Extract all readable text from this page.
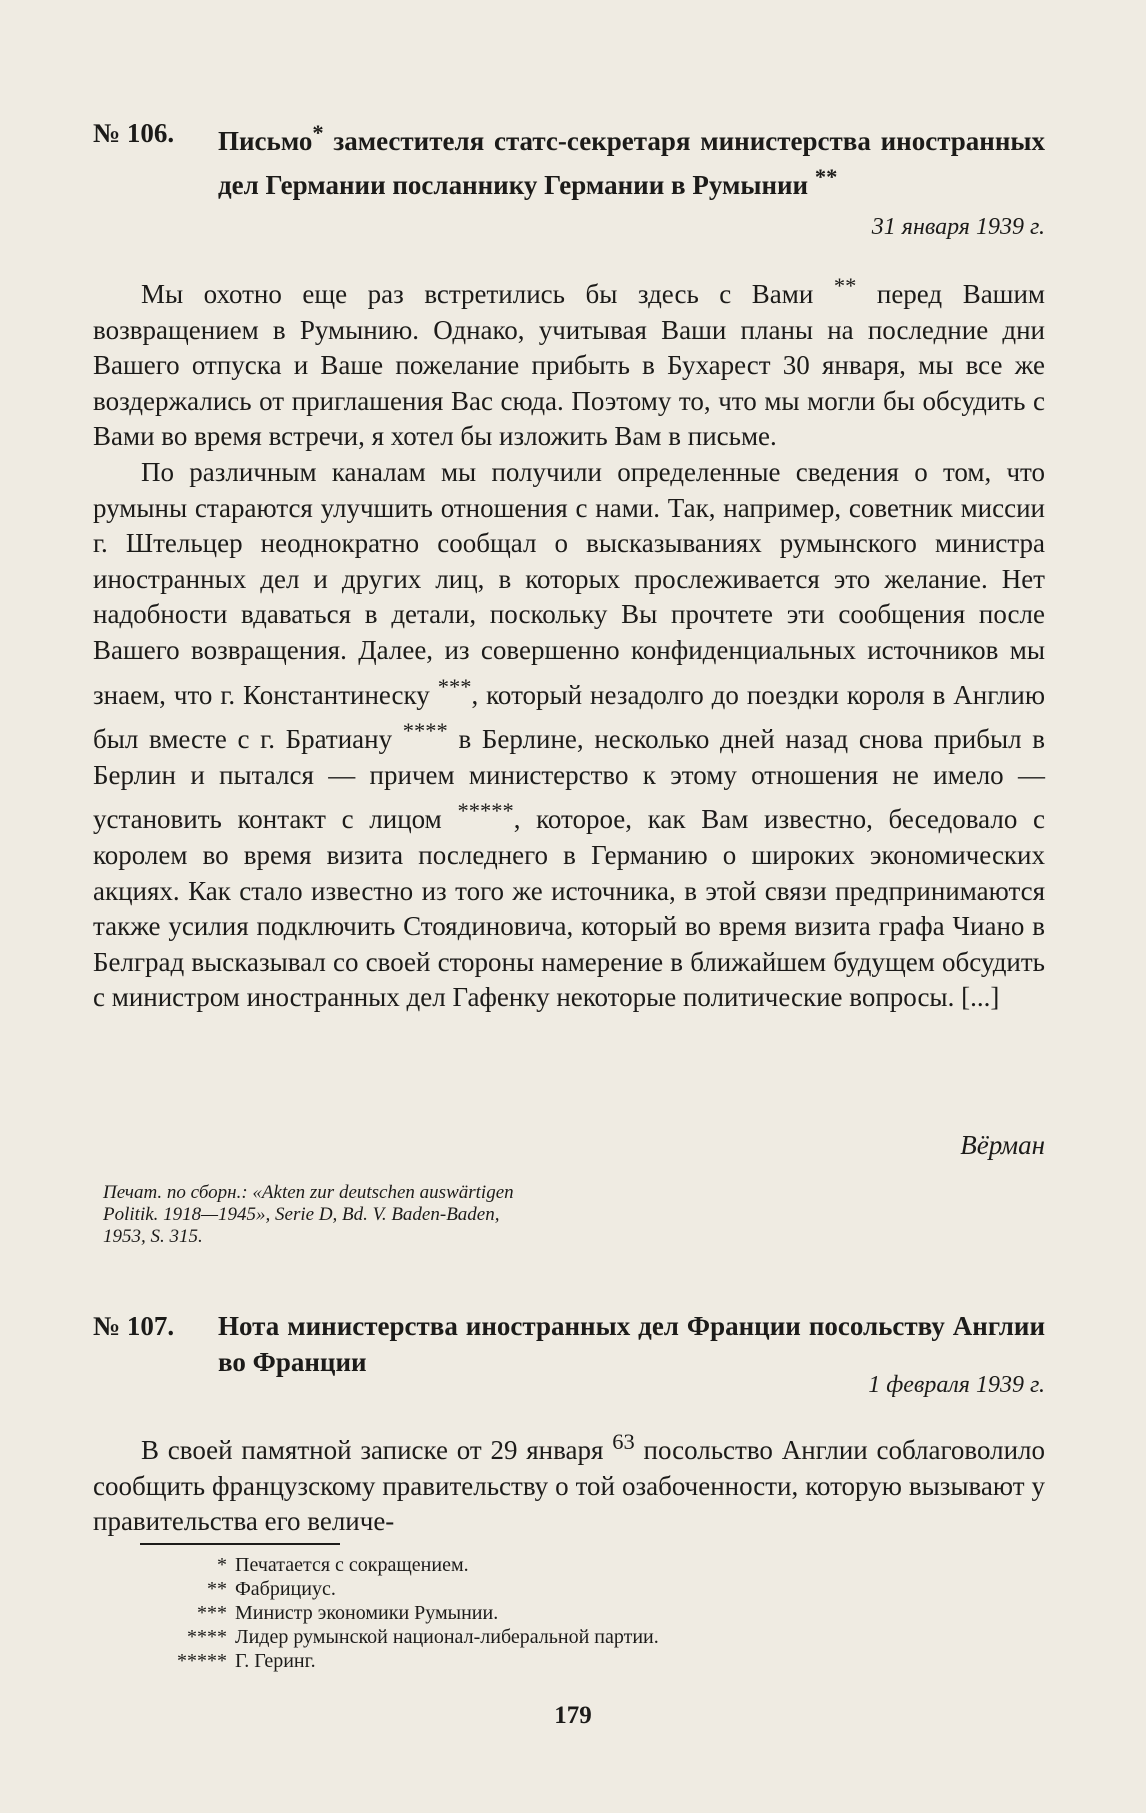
№ 106. Письмо* заместителя статс-секретаря министерства иностранных дел Германии посланнику Германии в Румынии **
31 января 1939 г.

Мы охотно еще раз встретились бы здесь с Вами ** перед Вашим возвращением в Румынию. Однако, учитывая Ваши планы на последние дни Вашего отпуска и Ваше пожелание прибыть в Бухарест 30 января, мы все же воздержались от приглашения Вас сюда. Поэтому то, что мы могли бы обсудить с Вами во время встречи, я хотел бы изложить Вам в письме.

По различным каналам мы получили определенные сведения о том, что румыны стараются улучшить отношения с нами. Так, например, советник миссии г. Штельцер неоднократно сообщал о высказываниях румынского министра иностранных дел и других лиц, в которых прослеживается это желание. Нет надобности вдаваться в детали, поскольку Вы прочтете эти сообщения после Вашего возвращения. Далее, из совершенно конфиденциальных источников мы знаем, что г. Константинеску ***, который незадолго до поездки короля в Англию был вместе с г. Братиану **** в Берлине, несколько дней назад снова прибыл в Берлин и пытался — причем министерство к этому отношения не имело — установить контакт с лицом *****, которое, как Вам известно, беседовало с королем во время визита последнего в Германию о широких экономических акциях. Как стало известно из того же источника, в этой связи предпринимаются также усилия подключить Стоядиновича, который во время визита графа Чиано в Белград высказывал со своей стороны намерение в ближайшем будущем обсудить с министром иностранных дел Гафенку некоторые политические вопросы. [...]

Вёрман
Печат. по сборн.: «Akten zur deutschen auswärtigen Politik. 1918—1945», Serie D, Bd. V. Baden-Baden, 1953, S. 315.
№ 107. Нота министерства иностранных дел Франции посольству Англии во Франции
1 февраля 1939 г.

В своей памятной записке от 29 января $^{63}$ посольство Англии соблаговолило сообщить французскому правительству о той озабоченности, которую вызывают у правительства его величе-

* Печатается с сокращением.
** Фабрициус.
*** Министр экономики Румынии.
**** Лидер румынской национал-либеральной партии.
***** Г. Геринг.
179
